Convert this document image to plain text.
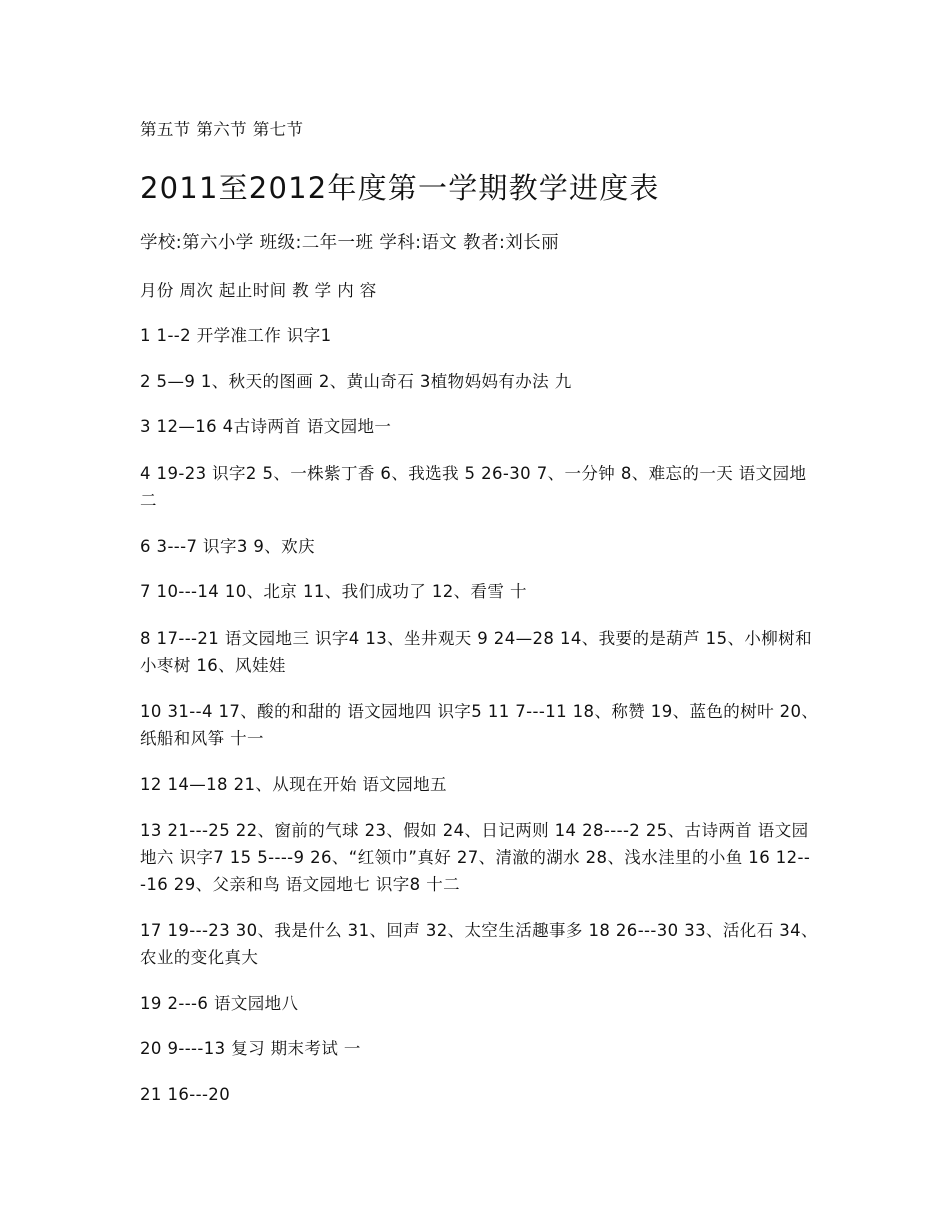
第五节 第六节 第七节

2011至2012年度第一学期教学进度表

学校:第六小学 班级:二年一班 学科:语文 教者:刘长丽

月份 周次 起止时间 教 学 内 容

1 1--2 开学准工作 识字1

2 5—9 1、秋天的图画 2、黄山奇石 3植物妈妈有办法 九

3 12—16 4古诗两首 语文园地一

4 19-23 识字2 5、一株紫丁香 6、我选我 5 26-30 7、一分钟 8、难忘的一天 语文园地二

6 3---7 识字3 9、欢庆

7 10---14 10、北京 11、我们成功了 12、看雪 十

8 17---21 语文园地三 识字4 13、坐井观天 9 24—28 14、我要的是葫芦 15、小柳树和小枣树 16、风娃娃

10 31--4 17、酸的和甜的 语文园地四 识字5 11 7---11 18、称赞 19、蓝色的树叶 20、纸船和风筝 十一

12 14—18 21、从现在开始 语文园地五

13 21---25 22、窗前的气球 23、假如 24、日记两则 14 28----2 25、古诗两首 语文园地六 识字7 15 5----9 26、“红领巾”真好 27、清澈的湖水 28、浅水洼里的小鱼 16 12---16 29、父亲和鸟 语文园地七 识字8 十二

17 19---23 30、我是什么 31、回声 32、太空生活趣事多 18 26---30 33、活化石 34、农业的变化真大

19 2---6 语文园地八

20 9----13 复习 期末考试 一

21 16---20
